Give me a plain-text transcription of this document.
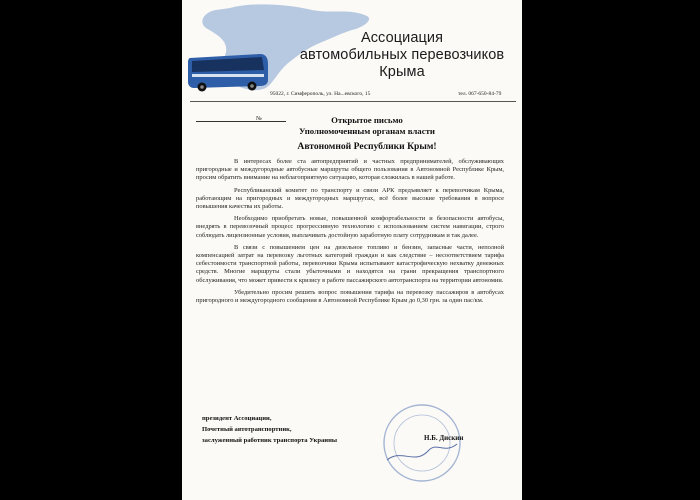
Ассоциация
автомобильных перевозчиков
Крыма
95022, г. Симферополь, ул. На...евского, 15	тел. 067-650-84-79
№	Открытое письмо
Уполномоченным органам власти
Автономной Республики Крым!

В интересах более ста автопредприятий и частных предпринимателей, обслуживающих пригородные и междугородные автобусные маршруты общего пользования в Автономной Республике Крым, просим обратить внимание на неблагоприятную ситуацию, которая сложилась в нашей работе.

Республиканский комитет по транспорту и связи АРК предъявляет к перевозчикам Крыма, работающим на пригородных и междугородных маршрутах, всё более высокие требования в вопросе повышения качества их работы.

Необходимо приобретать новые, повышенной комфортабельности и безопасности автобусы, внедрять в перевозочный процесс прогрессивную технологию с использованием систем навигации, строго соблюдать лицензионные условия, выплачивать достойную заработную плату сотрудникам и так далее.

В связи с повышением цен на дизельное топливо и бензин, запасные части, неполной компенсацией затрат на перевозку льготных категорий граждан и как следствие – несоответствием тарифа себестоимости транспортной работы, перевозчики Крыма испытывают катастрофическую нехватку денежных средств. Многие маршруты стали убыточными и находятся на грани прекращения транспортного обслуживания, что может привести к кризису в работе пассажирского автотранспорта на территории автономии.

Убедительно просим решить вопрос повышения тарифа на перевозку пассажиров в автобусах пригородного и междугородного сообщения в Автономной Республике Крым до 0,30 грн. за один пас/км.

президент Ассоциации,
Почетный автотранспортник,
заслуженный работник транспорта Украины	Н.Б. Дискин
